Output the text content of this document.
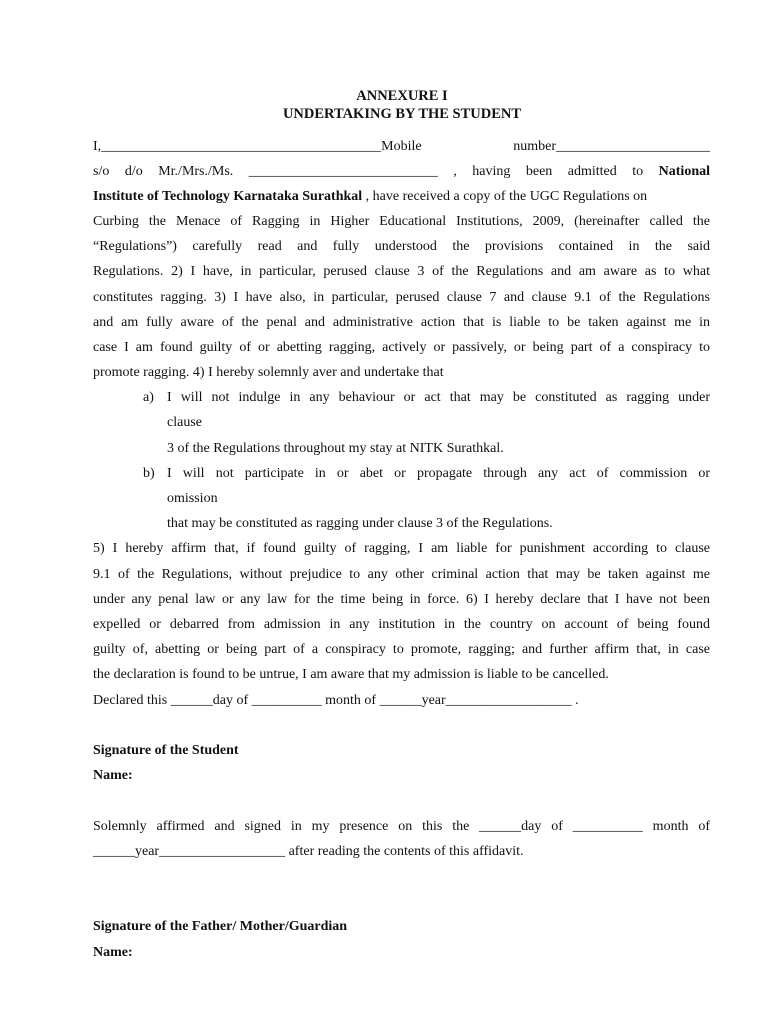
ANNEXURE I
UNDERTAKING BY THE STUDENT
I,________________________________________Mobile number______________________
s/o d/o Mr./Mrs./Ms. ___________________________ , having been admitted to National
Institute of Technology Karnataka Surathkal , have received a copy of the UGC Regulations on
Curbing the Menace of Ragging in Higher Educational Institutions, 2009, (hereinafter called the
“Regulations”) carefully read and fully understood the provisions contained in the said
Regulations. 2) I have, in particular, perused clause 3 of the Regulations and am aware as to what
constitutes ragging. 3) I have also, in particular, perused clause 7 and clause 9.1 of the Regulations
and am fully aware of the penal and administrative action that is liable to be taken against me in
case I am found guilty of or abetting ragging, actively or passively, or being part of a conspiracy to
promote ragging. 4) I hereby solemnly aver and undertake that
a) I will not indulge in any behaviour or act that may be constituted as ragging under
clause
3 of the Regulations throughout my stay at NITK Surathkal.
b) I will not participate in or abet or propagate through any act of commission or
omission
that may be constituted as ragging under clause 3 of the Regulations.
5) I hereby affirm that, if found guilty of ragging, I am liable for punishment according to clause
9.1 of the Regulations, without prejudice to any other criminal action that may be taken against me
under any penal law or any law for the time being in force. 6) I hereby declare that I have not been
expelled or debarred from admission in any institution in the country on account of being found
guilty of, abetting or being part of a conspiracy to promote, ragging; and further affirm that, in case
the declaration is found to be untrue, I am aware that my admission is liable to be cancelled.
Declared this ______day of __________ month of ______year__________________ .
Signature of the Student
Name:
Solemnly affirmed and signed in my presence on this the ______day of __________ month of
______year__________________ after reading the contents of this affidavit.
Signature of the Father/ Mother/Guardian
Name:
